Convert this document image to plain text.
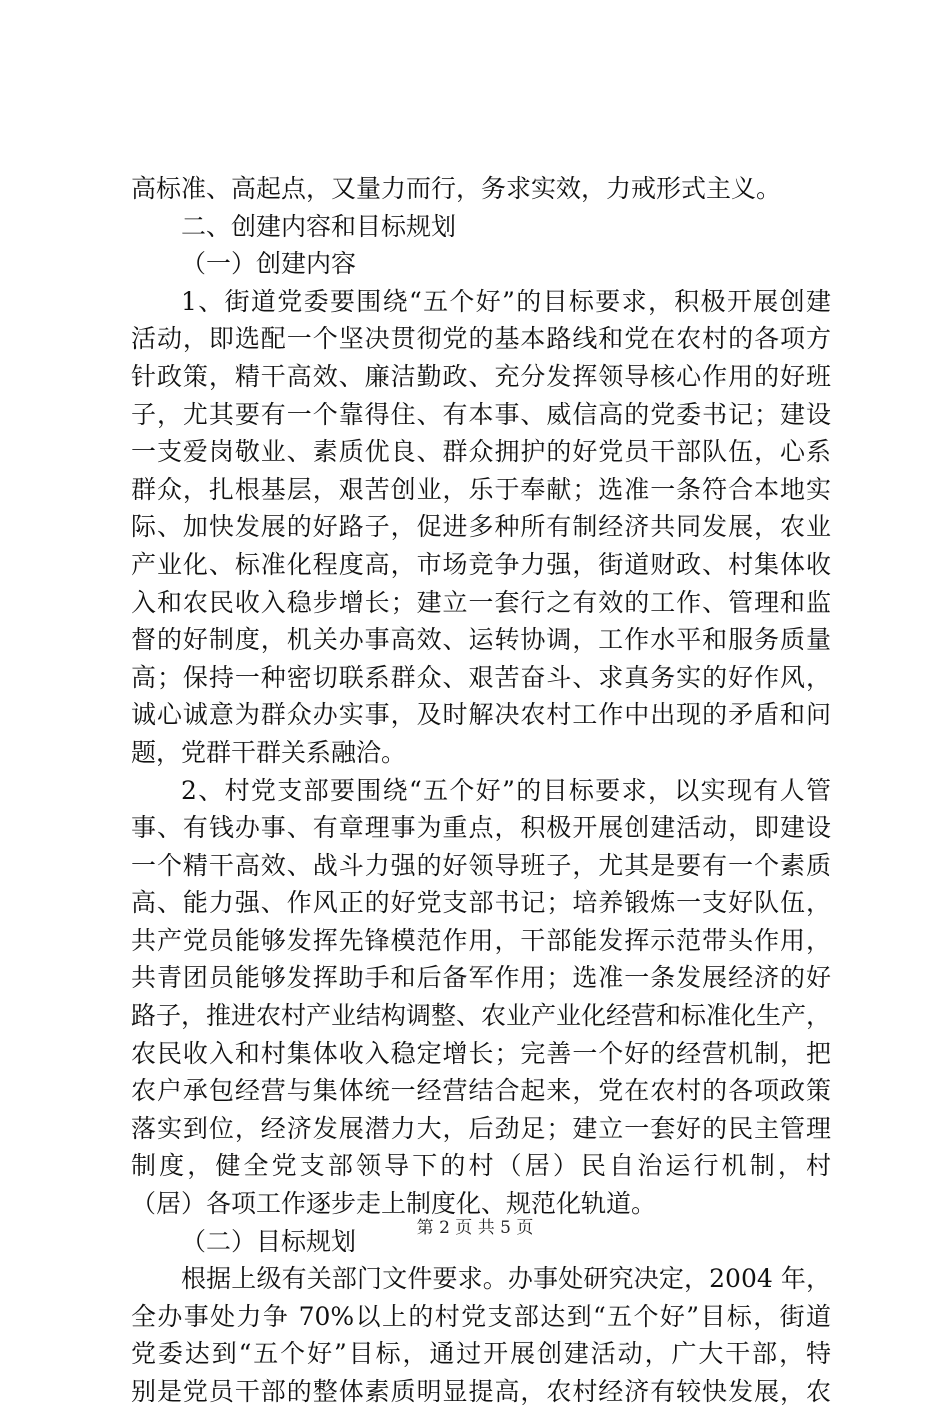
高标准、高起点，又量力而行，务求实效，力戒形式主义。
二、创建内容和目标规划
（一）创建内容
1、街道党委要围绕“五个好”的目标要求，积极开展创建
活动，即选配一个坚决贯彻党的基本路线和党在农村的各项方
针政策，精干高效、廉洁勤政、充分发挥领导核心作用的好班
子，尤其要有一个靠得住、有本事、威信高的党委书记；建设
一支爱岗敬业、素质优良、群众拥护的好党员干部队伍，心系
群众，扎根基层，艰苦创业，乐于奉献；选准一条符合本地实
际、加快发展的好路子，促进多种所有制经济共同发展，农业
产业化、标准化程度高，市场竞争力强，街道财政、村集体收
入和农民收入稳步增长；建立一套行之有效的工作、管理和监
督的好制度，机关办事高效、运转协调，工作水平和服务质量
高；保持一种密切联系群众、艰苦奋斗、求真务实的好作风，
诚心诚意为群众办实事，及时解决农村工作中出现的矛盾和问
题，党群干群关系融洽。
2、村党支部要围绕“五个好”的目标要求，以实现有人管
事、有钱办事、有章理事为重点，积极开展创建活动，即建设
一个精干高效、战斗力强的好领导班子，尤其是要有一个素质
高、能力强、作风正的好党支部书记；培养锻炼一支好队伍，
共产党员能够发挥先锋模范作用，干部能发挥示范带头作用，
共青团员能够发挥助手和后备军作用；选准一条发展经济的好
路子，推进农村产业结构调整、农业产业化经营和标准化生产，
农民收入和村集体收入稳定增长；完善一个好的经营机制，把
农户承包经营与集体统一经营结合起来，党在农村的各项政策
落实到位，经济发展潜力大，后劲足；建立一套好的民主管理
制度，健全党支部领导下的村（居）民自治运行机制，村
（居）各项工作逐步走上制度化、规范化轨道。
（二）目标规划
根据上级有关部门文件要求。办事处研究决定，2004 年，
全办事处力争 70%以上的村党支部达到“五个好”目标，街道
党委达到“五个好”目标，通过开展创建活动，广大干部，特
别是党员干部的整体素质明显提高，农村经济有较快发展，农
第 2 页 共 5 页
